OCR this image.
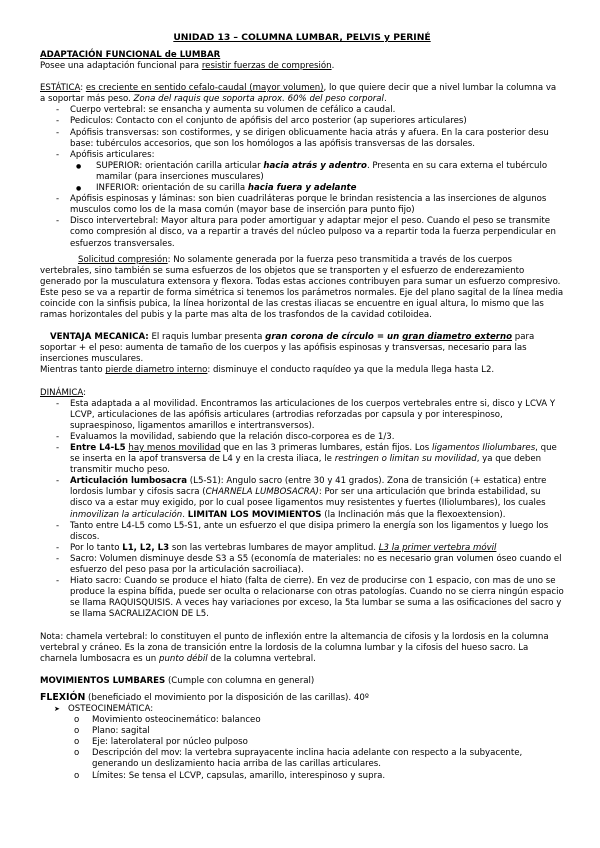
UNIDAD 13 – COLUMNA LUMBAR, PELVIS y PERINÉ

ADAPTACIÓN FUNCIONAL de LUMBAR

Posee una adaptación funcional para resistir fuerzas de compresión.

ESTÁTICA: es creciente en sentido cefalo-caudal (mayor volumen), lo que quiere decir que a nivel lumbar la columna va a soportar más peso. Zona del raquis que soporta aprox. 60% del peso corporal.

- Cuerpo vertebral: se ensancha y aumenta su volumen de cefálico a caudal.
- Pediculos: Contacto con el conjunto de apófisis del arco posterior (ap superiores articulares)
- Apófisis transversas: son costiformes, y se dirigen oblicuamente hacia atrás y afuera. En la cara posterior desu base: tubérculos accesorios, que son los homólogos a las apófisis transversas de las dorsales.
- Apófisis articulares:
● SUPERIOR: orientación carilla articular hacia atrás y adentro. Presenta en su cara externa el tubérculo mamilar (para inserciones musculares)
● INFERIOR: orientación de su carilla hacia fuera y adelante
- Apófisis espinosas y láminas: son bien cuadriláteras porque le brindan resistencia a las inserciones de algunos musculos como los de la masa común (mayor base de inserción para punto fijo)
- Disco intervertebral: Mayor altura para poder amortiguar y adaptar mejor el peso. Cuando el peso se transmite como compresión al disco, va a repartir a través del núcleo pulposo va a repartir toda la fuerza perpendicular en esfuerzos transversales.

Solicitud compresión: No solamente generada por la fuerza peso transmitida a través de los cuerpos vertebrales, sino también se suma esfuerzos de los objetos que se transporten y el esfuerzo de enderezamiento generado por la musculatura extensora y flexora. Todas estas acciones contribuyen para sumar un esfuerzo compresivo.

Este peso se va a repartir de forma simétrica si tenemos los parámetros normales. Eje del plano sagital de la línea media coincide con la sinfisis pubica, la línea horizontal de las crestas iliacas se encuentre en igual altura, lo mismo que las ramas horizontales del pubis y la parte mas alta de los trasfondos de la cavidad cotiloidea.

VENTAJA MECANICA: El raquis lumbar presenta gran corona de círculo = un gran diametro externo para soportar + el peso: aumenta de tamaño de los cuerpos y las apófisis espinosas y transversas, necesario para las inserciones musculares.

Mientras tanto pierde diametro interno: disminuye el conducto raquídeo ya que la medula llega hasta L2.

DINÁMICA:

- Esta adaptada a al movilidad. Encontramos las articulaciones de los cuerpos vertebrales entre si, disco y LCVA Y LCVP, articulaciones de las apófisis articulares (artrodias reforzadas por capsula y por interespinoso, supraespinoso, ligamentos amarillos e intertransversos).
- Evaluamos la movilidad, sabiendo que la relación disco-corporea es de 1/3.
- Entre L4-L5 hay menos movilidad que en las 3 primeras lumbares, están fijos. Los ligamentos Iliolumbares, que se inserta en la apof transversa de L4 y en la cresta iliaca, le restringen o limitan su movilidad, ya que deben transmitir mucho peso.
- Articulación lumbosacra (L5-S1): Angulo sacro (entre 30 y 41 grados). Zona de transición (+ estatica) entre lordosis lumbar y cifosis sacra (CHARNELA LUMBOSACRA): Por ser una articulación que brinda estabilidad, su disco va a estar muy exigido, por lo cual posee ligamentos muy resistentes y fuertes (Iliolumbares), los cuales inmovilizan la articulación. LIMITAN LOS MOVIMIENTOS (la Inclinación más que la flexoextension).
- Tanto entre L4-L5 como L5-S1, ante un esfuerzo el que disipa primero la energía son los ligamentos y luego los discos.
- Por lo tanto L1, L2, L3 son las vertebras lumbares de mayor amplitud. L3 la primer vertebra móvil
- Sacro: Volumen disminuye desde S3 a S5 (economía de materiales: no es necesario gran volumen óseo cuando el esfuerzo del peso pasa por la articulación sacroiliaca).
- Hiato sacro: Cuando se produce el hiato (falta de cierre). En vez de producirse con 1 espacio, con mas de uno se produce la espina bífida, puede ser oculta o relacionarse con otras patologías. Cuando no se cierra ningún espacio se llama RAQUISQUISIS. A veces hay variaciones por exceso, la 5ta lumbar se suma a las osificaciones del sacro y se llama SACRALIZACION DE L5.

Nota: chamela vertebral: lo constituyen el punto de inflexión entre la altemancia de cifosis y la lordosis en la columna vertebral y cráneo. Es la zona de transición entre la lordosis de la columna lumbar y la cifosis del hueso sacro. La charnela lumbosacra es un punto débil de la columna vertebral.

MOVIMIENTOS LUMBARES (Cumple con columna en general)

FLEXIÓN (beneficiado el movimiento por la disposición de las carillas). 40º

➤ OSTEOCINEMÁTICA:
o Movimiento osteocinemático: balanceo
o Plano: sagital
o Eje: laterolateral por núcleo pulposo
o Descripción del mov: la vertebra suprayacente inclina hacia adelante con respecto a la subyacente, generando un deslizamiento hacia arriba de las carillas articulares.
o Límites: Se tensa el LCVP, capsulas, amarillo, interespinoso y supra.
